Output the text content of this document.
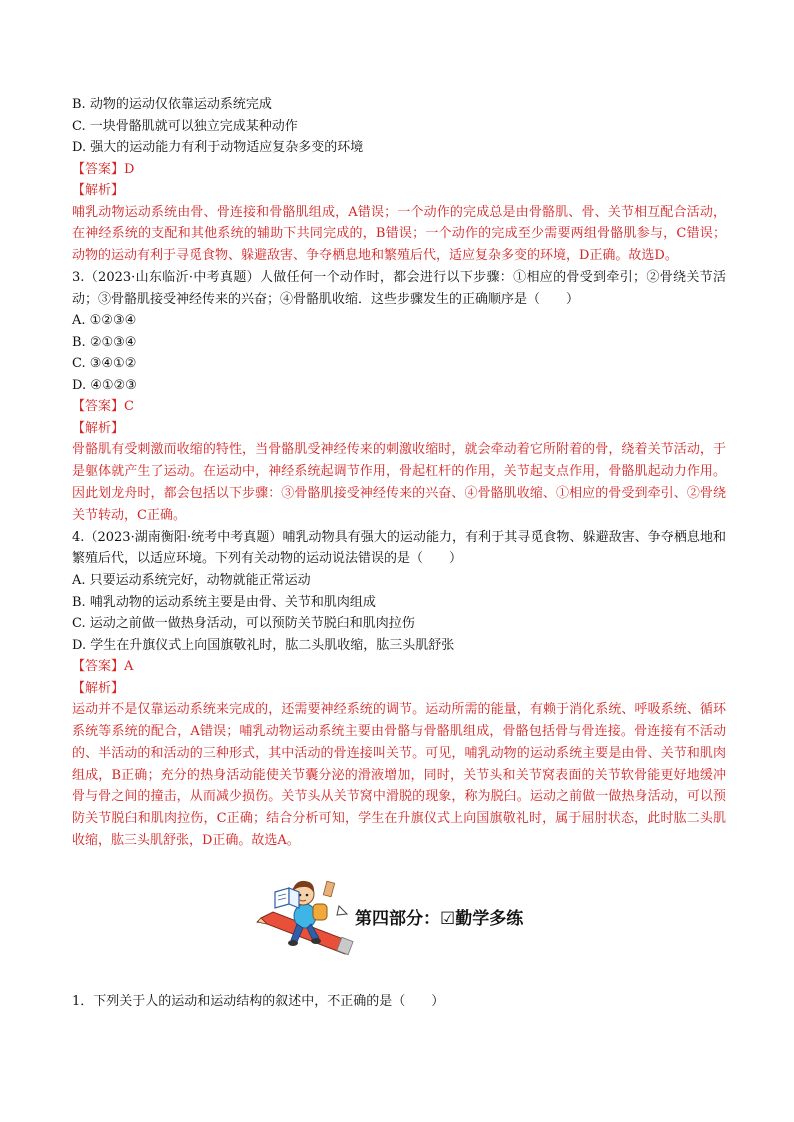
B. 动物的运动仅依靠运动系统完成
C. 一块骨骼肌就可以独立完成某种动作
D. 强大的运动能力有利于动物适应复杂多变的环境
【答案】D
【解析】
哺乳动物运动系统由骨、骨连接和骨骼肌组成，A错误；一个动作的完成总是由骨骼肌、骨、关节相互配合活动，在神经系统的支配和其他系统的辅助下共同完成的，B错误；一个动作的完成至少需要两组骨骼肌参与，C错误；动物的运动有利于寻觅食物、躲避敌害、争夺栖息地和繁殖后代，适应复杂多变的环境，D正确。故选D。
3.（2023·山东临沂·中考真题）人做任何一个动作时，都会进行以下步骤：①相应的骨受到牵引；②骨绕关节活动；③骨骼肌接受神经传来的兴奋；④骨骼肌收缩．这些步骤发生的正确顺序是（　　）
A. ①②③④
B. ②①③④
C. ③④①②
D. ④①②③
【答案】C
【解析】
骨骼肌有受刺激而收缩的特性，当骨骼肌受神经传来的刺激收缩时，就会牵动着它所附着的骨，绕着关节活动，于是躯体就产生了运动。在运动中，神经系统起调节作用，骨起杠杆的作用，关节起支点作用，骨骼肌起动力作用。因此划龙舟时，都会包括以下步骤：③骨骼肌接受神经传来的兴奋、④骨骼肌收缩、①相应的骨受到牵引、②骨绕关节转动，C正确。
4.（2023·湖南衡阳·统考中考真题）哺乳动物具有强大的运动能力，有利于其寻觅食物、躲避敌害、争夺栖息地和繁殖后代，以适应环境。下列有关动物的运动说法错误的是（　　）
A. 只要运动系统完好，动物就能正常运动
B. 哺乳动物的运动系统主要是由骨、关节和肌肉组成
C. 运动之前做一做热身活动，可以预防关节脱臼和肌肉拉伤
D. 学生在升旗仪式上向国旗敬礼时，肱二头肌收缩，肱三头肌舒张
【答案】A
【解析】
运动并不是仅靠运动系统来完成的，还需要神经系统的调节。运动所需的能量，有赖于消化系统、呼吸系统、循环系统等系统的配合，A错误；哺乳动物运动系统主要由骨骼与骨骼肌组成，骨骼包括骨与骨连接。骨连接有不活动的、半活动的和活动的三种形式，其中活动的骨连接叫关节。可见，哺乳动物的运动系统主要是由骨、关节和肌肉组成，B正确；充分的热身活动能使关节囊分泌的滑液增加，同时，关节头和关节窝表面的关节软骨能更好地缓冲骨与骨之间的撞击，从而减少损伤。关节头从关节窝中滑脱的现象，称为脱臼。运动之前做一做热身活动，可以预防关节脱臼和肌肉拉伤，C正确；结合分析可知，学生在升旗仪式上向国旗敬礼时，属于屈肘状态，此时肱二头肌收缩，肱三头肌舒张，D正确。故选A。
第四部分：☑勤学多练
1．下列关于人的运动和运动结构的叙述中，不正确的是（　　）
